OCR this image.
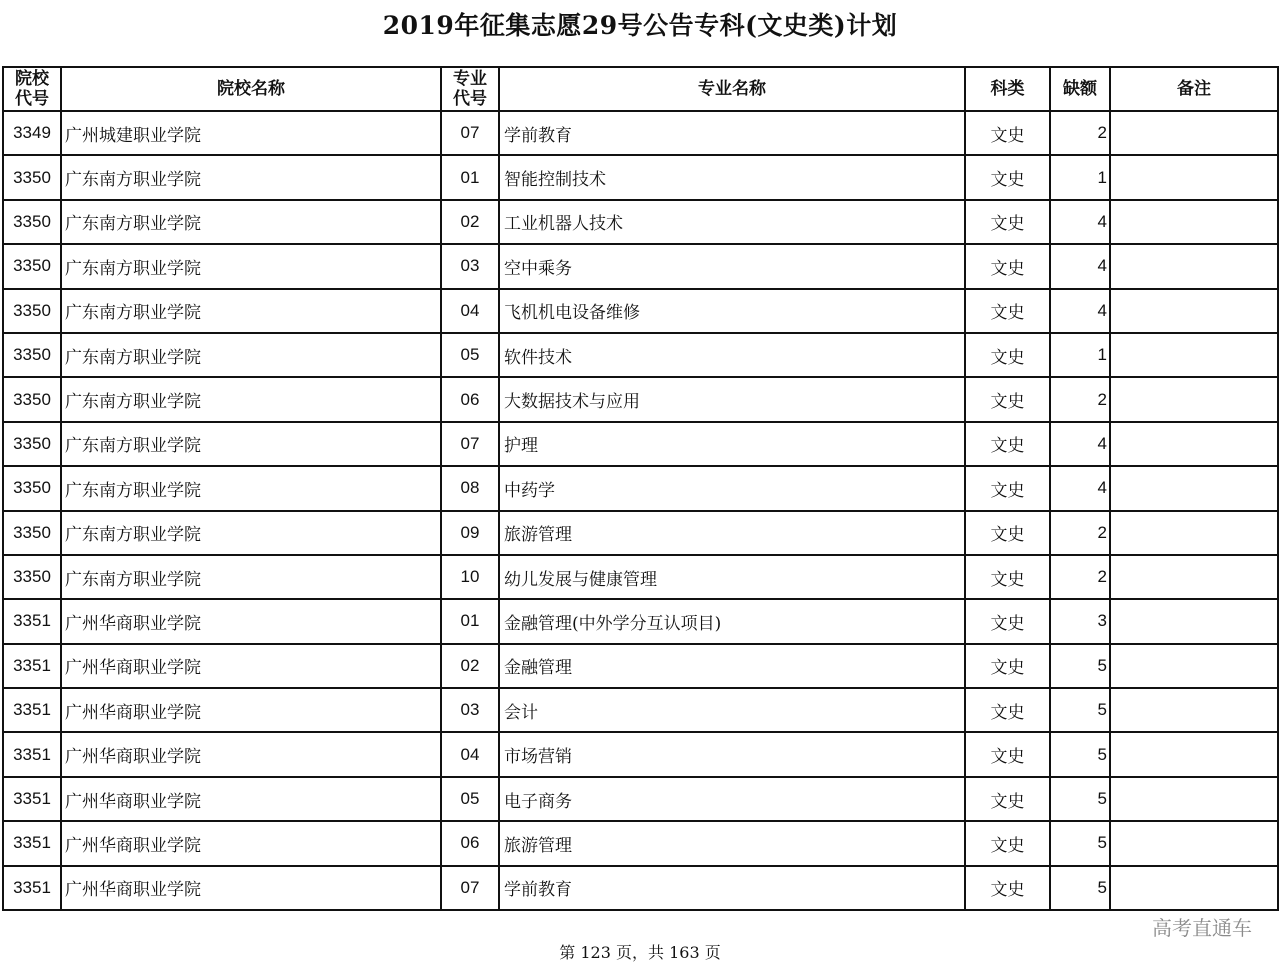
2019年征集志愿29号公告专科(文史类)计划
院校代号	院校名称	专业代号	专业名称	科类	缺额	备注
3349	广州城建职业学院	07	学前教育	文史	2	
3350	广东南方职业学院	01	智能控制技术	文史	1	
3350	广东南方职业学院	02	工业机器人技术	文史	4	
3350	广东南方职业学院	03	空中乘务	文史	4	
3350	广东南方职业学院	04	飞机机电设备维修	文史	4	
3350	广东南方职业学院	05	软件技术	文史	1	
3350	广东南方职业学院	06	大数据技术与应用	文史	2	
3350	广东南方职业学院	07	护理	文史	4	
3350	广东南方职业学院	08	中药学	文史	4	
3350	广东南方职业学院	09	旅游管理	文史	2	
3350	广东南方职业学院	10	幼儿发展与健康管理	文史	2	
3351	广州华商职业学院	01	金融管理(中外学分互认项目)	文史	3	
3351	广州华商职业学院	02	金融管理	文史	5	
3351	广州华商职业学院	03	会计	文史	5	
3351	广州华商职业学院	04	市场营销	文史	5	
3351	广州华商职业学院	05	电子商务	文史	5	
3351	广州华商职业学院	06	旅游管理	文史	5	
3351	广州华商职业学院	07	学前教育	文史	5	
高考直通车
第 123 页，共 163 页
